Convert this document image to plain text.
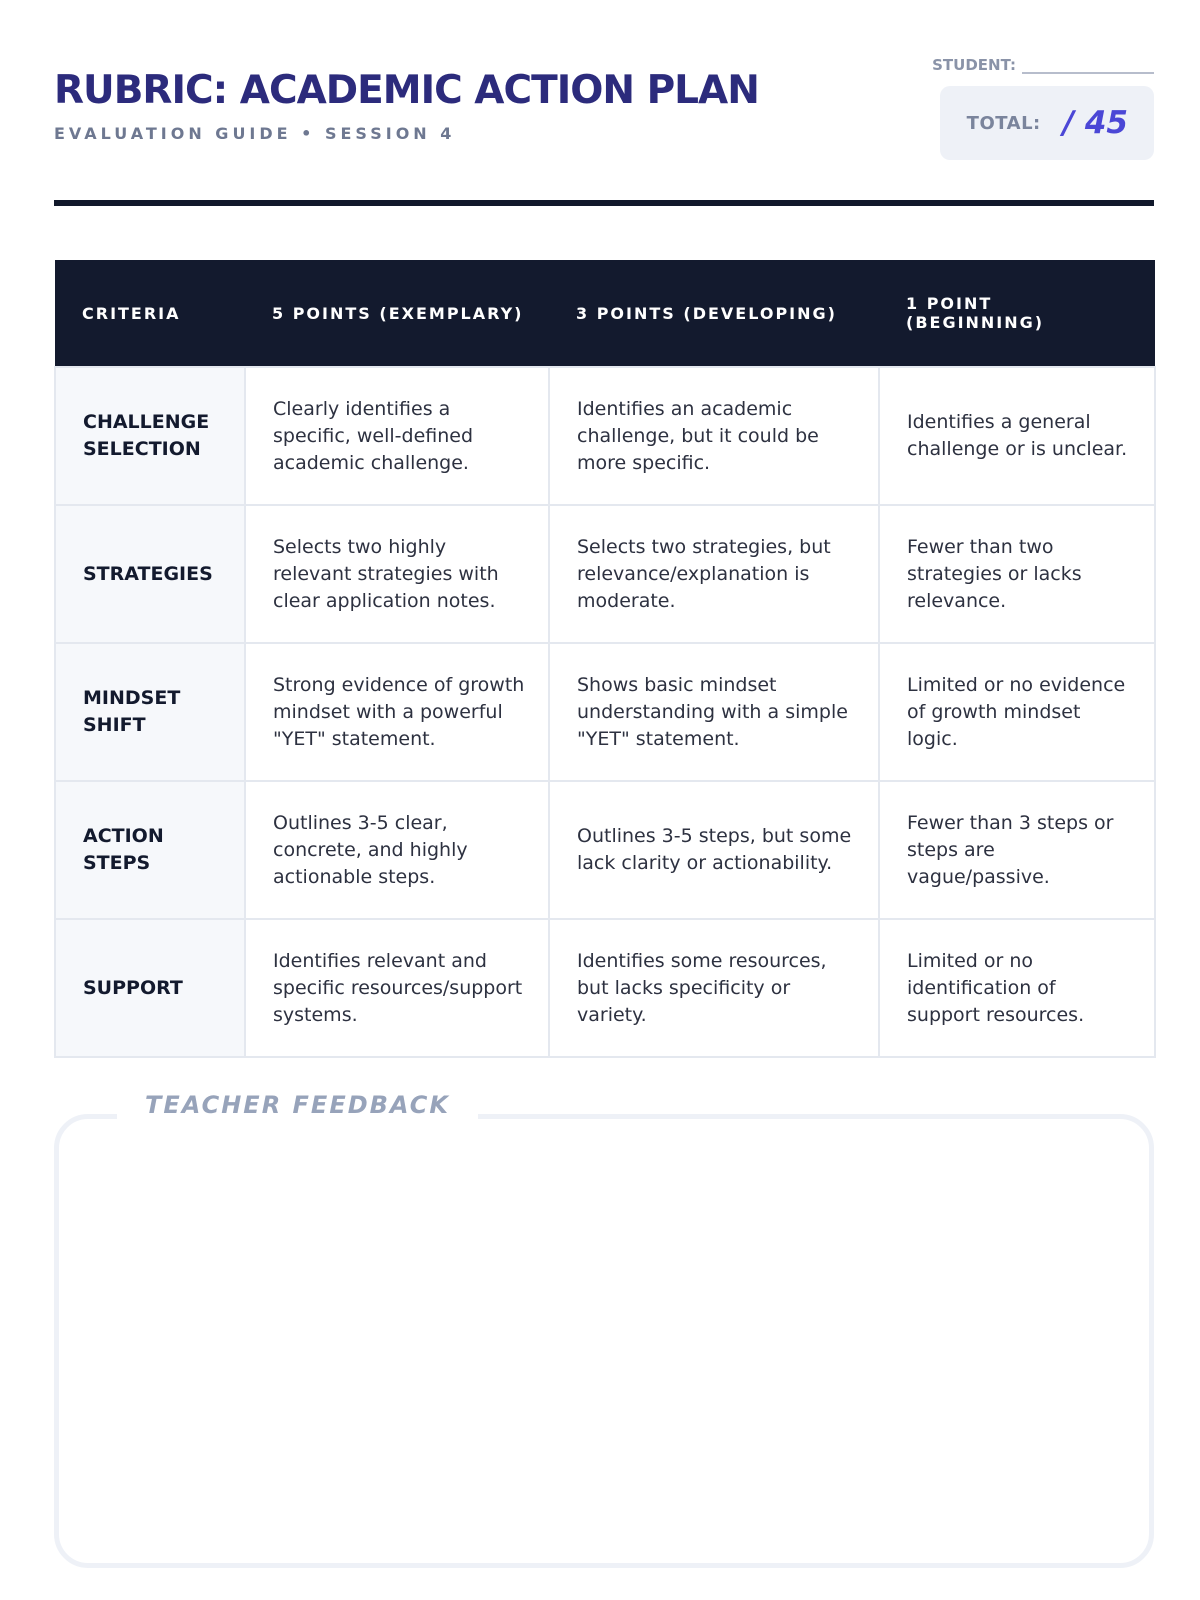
RUBRIC: ACADEMIC ACTION PLAN
EVALUATION GUIDE • SESSION 4
STUDENT:
TOTAL: / 45
CRITERIA	5 POINTS (EXEMPLARY)	3 POINTS (DEVELOPING)	1 POINT (BEGINNING)
CHALLENGE SELECTION	Clearly identifies a specific, well-defined academic challenge.	Identifies an academic challenge, but it could be more specific.	Identifies a general challenge or is unclear.
STRATEGIES	Selects two highly relevant strategies with clear application notes.	Selects two strategies, but relevance/explanation is moderate.	Fewer than two strategies or lacks relevance.
MINDSET SHIFT	Strong evidence of growth mindset with a powerful "YET" statement.	Shows basic mindset understanding with a simple "YET" statement.	Limited or no evidence of growth mindset logic.
ACTION STEPS	Outlines 3-5 clear, concrete, and highly actionable steps.	Outlines 3-5 steps, but some lack clarity or actionability.	Fewer than 3 steps or steps are vague/passive.
SUPPORT	Identifies relevant and specific resources/support systems.	Identifies some resources, but lacks specificity or variety.	Limited or no identification of support resources.
TEACHER FEEDBACK
